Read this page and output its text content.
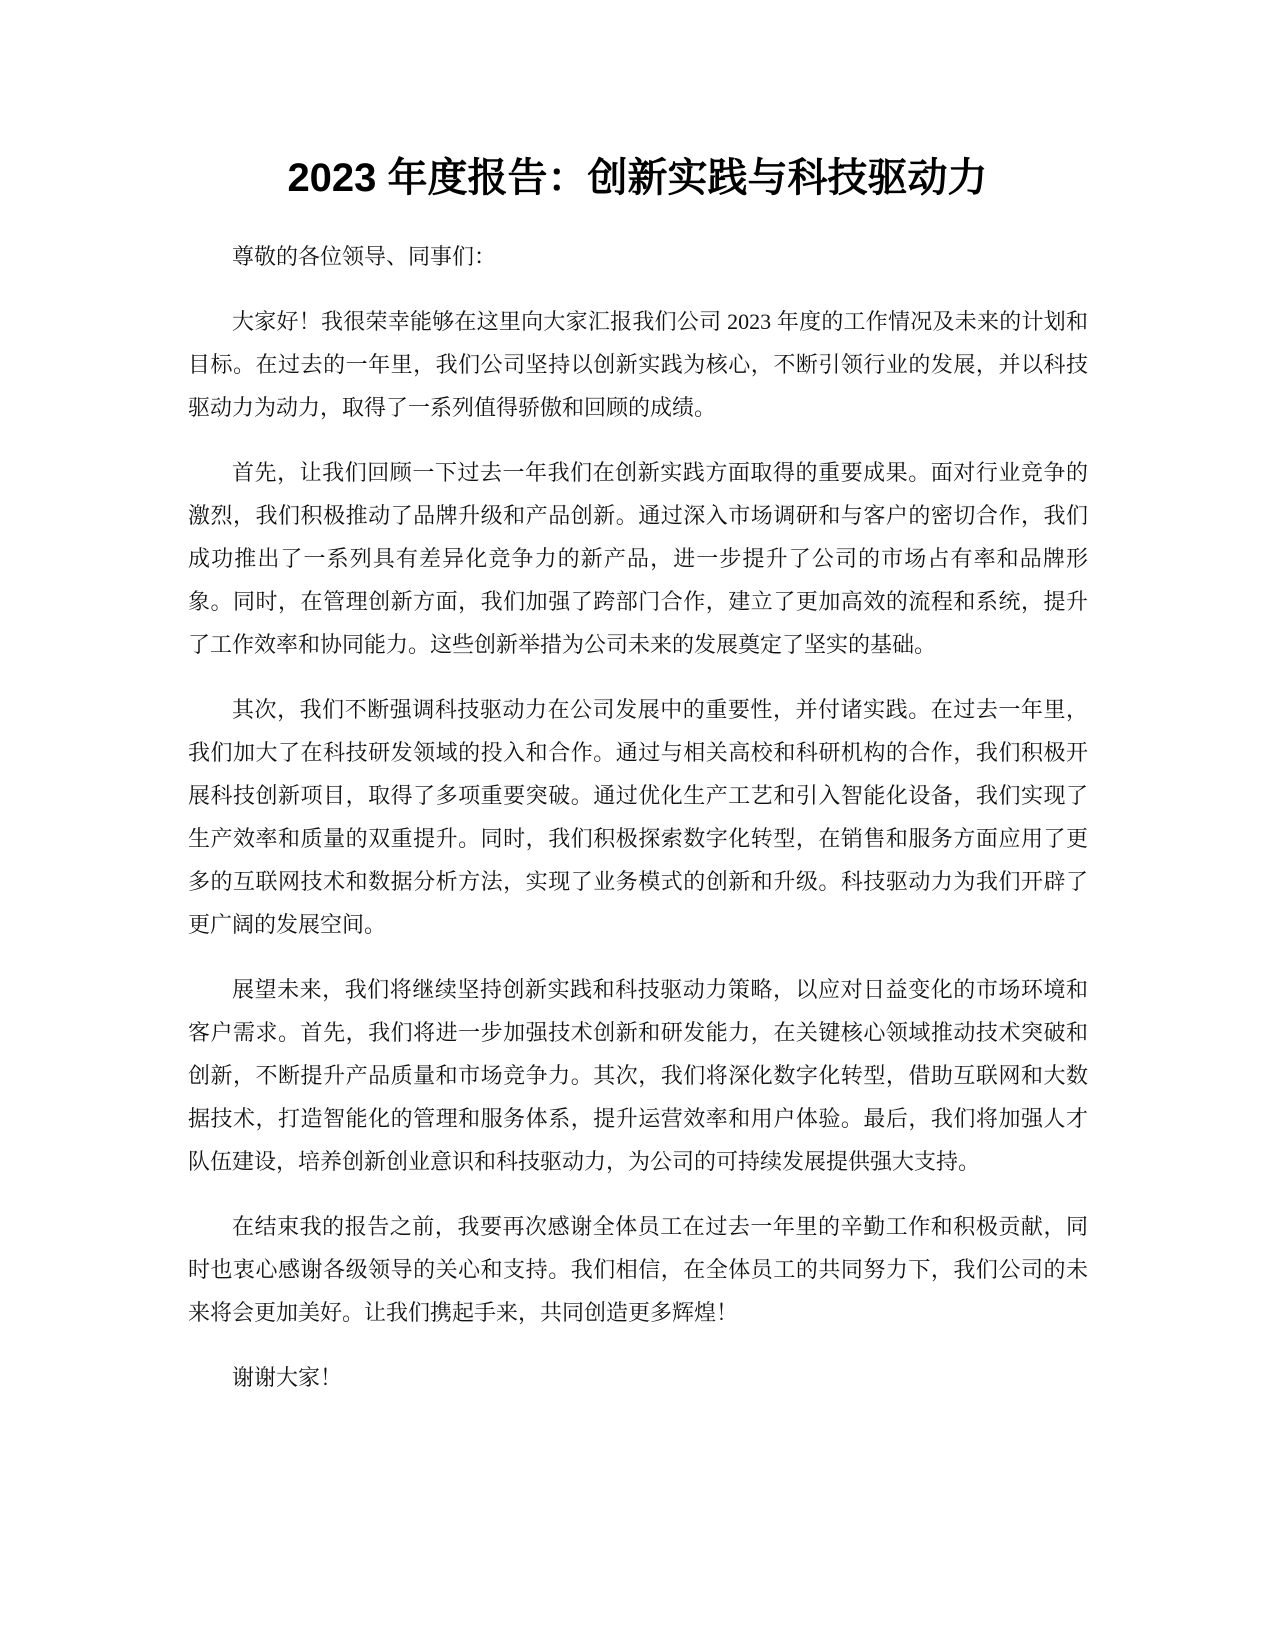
2023 年度报告：创新实践与科技驱动力

尊敬的各位领导、同事们：

大家好！我很荣幸能够在这里向大家汇报我们公司 2023 年度的工作情况及未来的计划和目标。在过去的一年里，我们公司坚持以创新实践为核心，不断引领行业的发展，并以科技驱动力为动力，取得了一系列值得骄傲和回顾的成绩。

首先，让我们回顾一下过去一年我们在创新实践方面取得的重要成果。面对行业竞争的激烈，我们积极推动了品牌升级和产品创新。通过深入市场调研和与客户的密切合作，我们成功推出了一系列具有差异化竞争力的新产品，进一步提升了公司的市场占有率和品牌形象。同时，在管理创新方面，我们加强了跨部门合作，建立了更加高效的流程和系统，提升了工作效率和协同能力。这些创新举措为公司未来的发展奠定了坚实的基础。

其次，我们不断强调科技驱动力在公司发展中的重要性，并付诸实践。在过去一年里，我们加大了在科技研发领域的投入和合作。通过与相关高校和科研机构的合作，我们积极开展科技创新项目，取得了多项重要突破。通过优化生产工艺和引入智能化设备，我们实现了生产效率和质量的双重提升。同时，我们积极探索数字化转型，在销售和服务方面应用了更多的互联网技术和数据分析方法，实现了业务模式的创新和升级。科技驱动力为我们开辟了更广阔的发展空间。

展望未来，我们将继续坚持创新实践和科技驱动力策略，以应对日益变化的市场环境和客户需求。首先，我们将进一步加强技术创新和研发能力，在关键核心领域推动技术突破和创新，不断提升产品质量和市场竞争力。其次，我们将深化数字化转型，借助互联网和大数据技术，打造智能化的管理和服务体系，提升运营效率和用户体验。最后，我们将加强人才队伍建设，培养创新创业意识和科技驱动力，为公司的可持续发展提供强大支持。

在结束我的报告之前，我要再次感谢全体员工在过去一年里的辛勤工作和积极贡献，同时也衷心感谢各级领导的关心和支持。我们相信，在全体员工的共同努力下，我们公司的未来将会更加美好。让我们携起手来，共同创造更多辉煌！

谢谢大家！
